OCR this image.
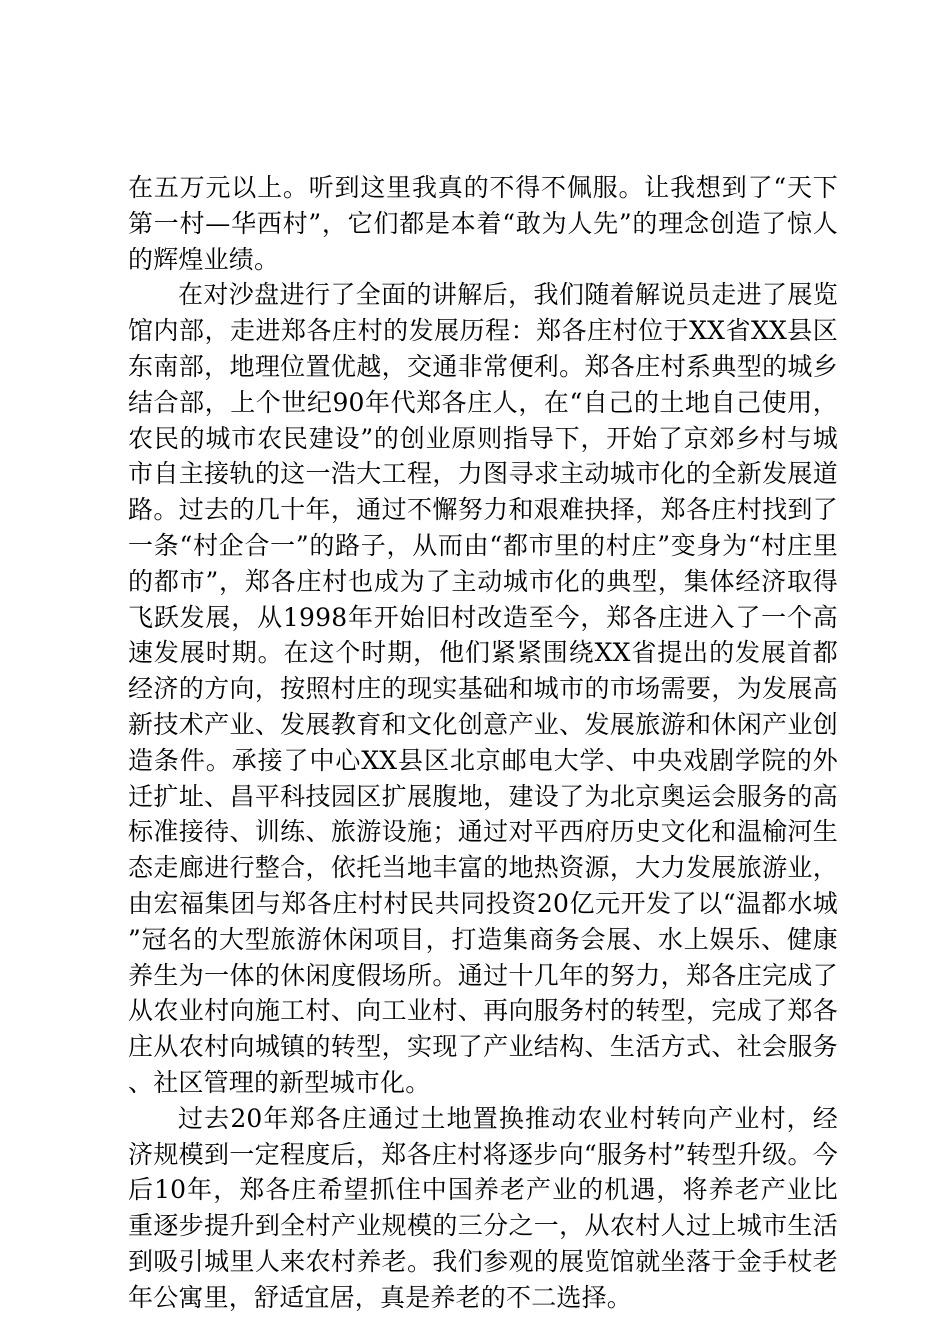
在五万元以上。听到这里我真的不得不佩服。让我想到了“天下第一村—华西村”，它们都是本着“敢为人先”的理念创造了惊人的辉煌业绩。

在对沙盘进行了全面的讲解后，我们随着解说员走进了展览馆内部，走进郑各庄村的发展历程：郑各庄村位于XX省XX县区东南部，地理位置优越，交通非常便利。郑各庄村系典型的城乡结合部，上个世纪90年代郑各庄人，在“自己的土地自己使用，农民的城市农民建设”的创业原则指导下，开始了京郊乡村与城市自主接轨的这一浩大工程，力图寻求主动城市化的全新发展道路。过去的几十年，通过不懈努力和艰难抉择，郑各庄村找到了一条“村企合一”的路子，从而由“都市里的村庄”变身为“村庄里的都市”，郑各庄村也成为了主动城市化的典型，集体经济取得飞跃发展，从1998年开始旧村改造至今，郑各庄进入了一个高速发展时期。在这个时期，他们紧紧围绕XX省提出的发展首都经济的方向，按照村庄的现实基础和城市的市场需要，为发展高新技术产业、发展教育和文化创意产业、发展旅游和休闲产业创造条件。承接了中心XX县区北京邮电大学、中央戏剧学院的外迁扩址、昌平科技园区扩展腹地，建设了为北京奥运会服务的高标准接待、训练、旅游设施；通过对平西府历史文化和温榆河生态走廊进行整合，依托当地丰富的地热资源，大力发展旅游业，由宏福集团与郑各庄村村民共同投资20亿元开发了以“温都水城”冠名的大型旅游休闲项目，打造集商务会展、水上娱乐、健康养生为一体的休闲度假场所。通过十几年的努力，郑各庄完成了从农业村向施工村、向工业村、再向服务村的转型，完成了郑各庄从农村向城镇的转型，实现了产业结构、生活方式、社会服务、社区管理的新型城市化。

过去20年郑各庄通过土地置换推动农业村转向产业村，经济规模到一定程度后，郑各庄村将逐步向“服务村”转型升级。今后10年，郑各庄希望抓住中国养老产业的机遇，将养老产业比重逐步提升到全村产业规模的三分之一，从农村人过上城市生活到吸引城里人来农村养老。我们参观的展览馆就坐落于金手杖老年公寓里，舒适宜居，真是养老的不二选择。
